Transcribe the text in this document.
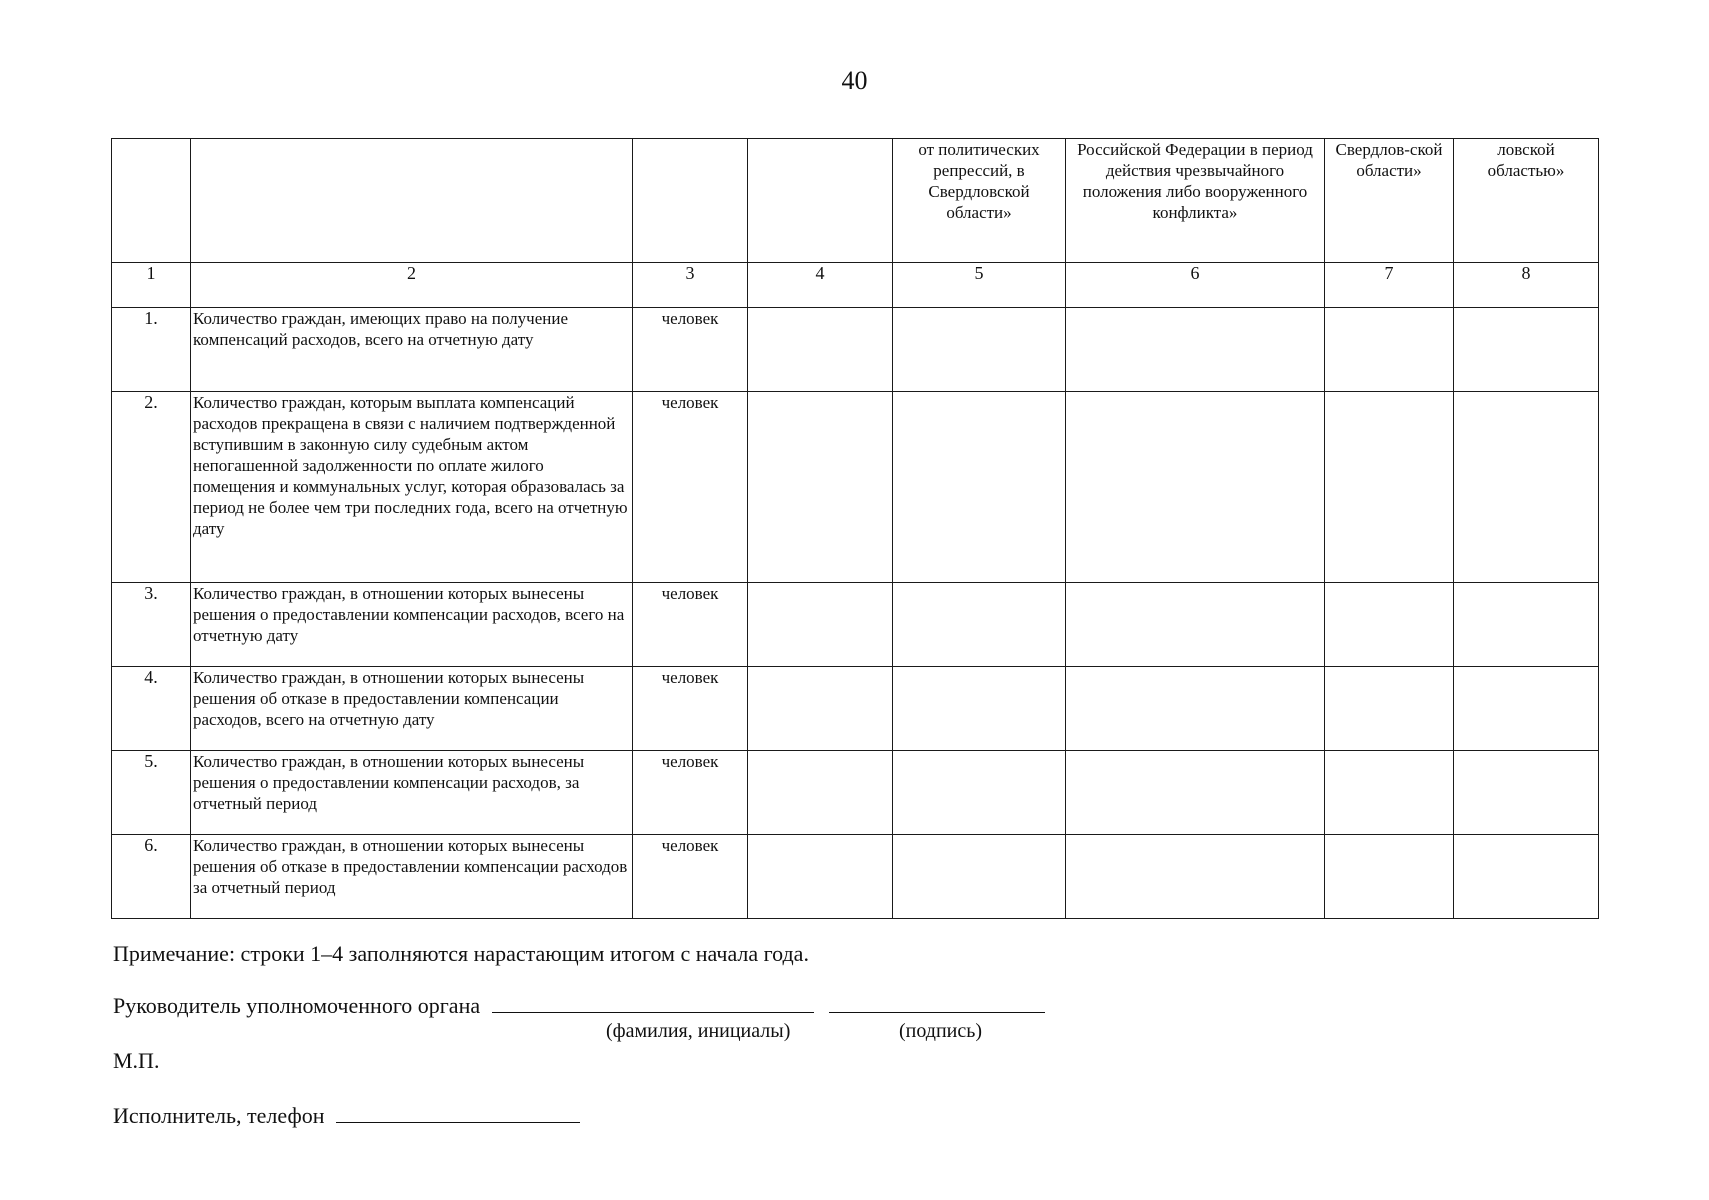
40

				от политических репрессий, в Свердловской области»	Российской Федерации в период действия чрезвычайного положения либо вооруженного конфликта»	Свердлов-ской области»	ловской областью»

1	2	3	4	5	6	7	8
1.	Количество граждан, имеющих право на получение компенсаций расходов, всего на отчетную дату	человек					
2.	Количество граждан, которым выплата компенсаций расходов прекращена в связи с наличием подтвержденной вступившим в законную силу судебным актом непогашенной задолженности по оплате жилого помещения и коммунальных услуг, которая образовалась за период не более чем три последних года, всего на отчетную дату	человек					
3.	Количество граждан, в отношении которых вынесены решения о предоставлении компенсации расходов, всего на отчетную дату	человек					
4.	Количество граждан, в отношении которых вынесены решения об отказе в предоставлении компенсации расходов, всего на отчетную дату	человек					
5.	Количество граждан, в отношении которых вынесены решения о предоставлении компенсации расходов, за отчетный период	человек					
6.	Количество граждан, в отношении которых вынесены решения об отказе в предоставлении компенсации расходов за отчетный период	человек					
Примечание: строки 1–4 заполняются нарастающим итогом с начала года.
Руководитель уполномоченного органа
(фамилия, инициалы)	(подпись)
М.П.
Исполнитель, телефон
